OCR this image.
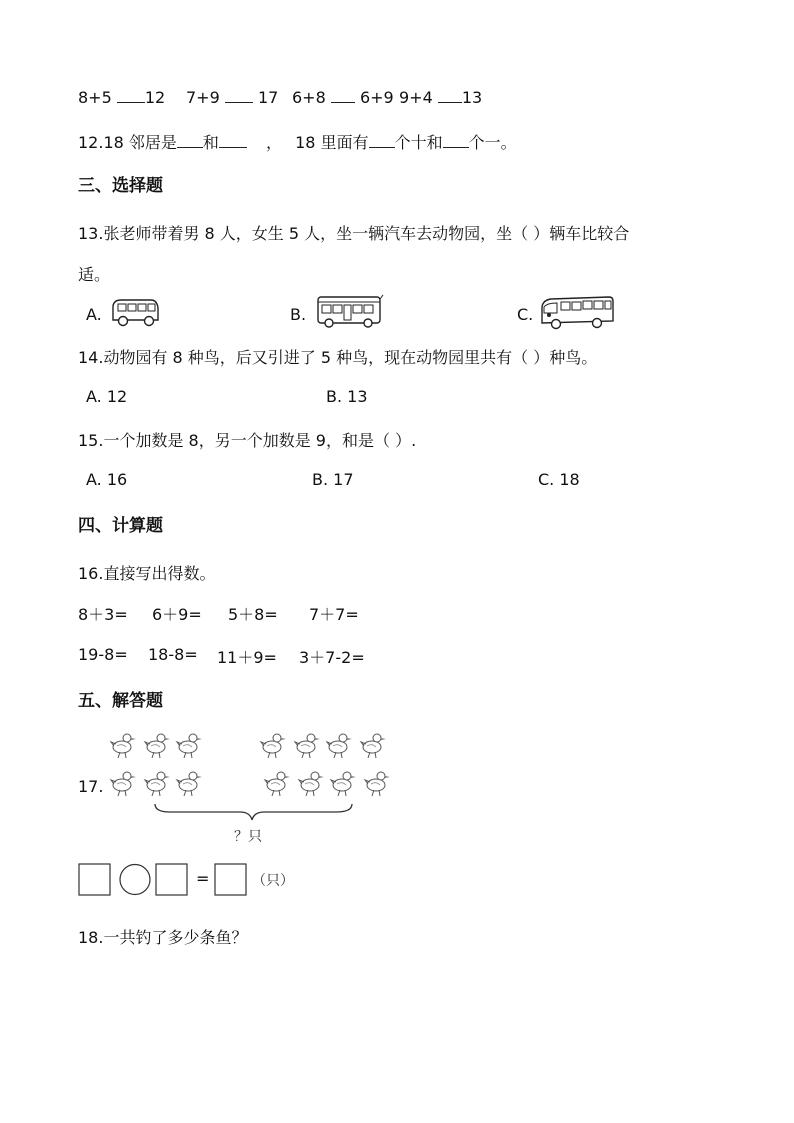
8+5 12 7+9 17 6+8 6+9 9+4 13
12.18 邻居是 和	， 18 里面有 个十和 个一。
三、选择题
13.张老师带着男 8 人，女生 5 人，坐一辆汽车去动物园，坐（ ）辆车比较合
适。
A.	B.	C.
14.动物园有 8 种鸟，后又引进了 5 种鸟，现在动物园里共有（ ）种鸟。
A. 12	B. 13
15.一个加数是 8，另一个加数是 9，和是（ ）.
A. 16	B. 17	C. 18
四、计算题
16.直接写出得数。
8＋3= 6＋9= 5＋8= 7＋7=
19-8= 18-8= 11＋9= 3＋7-2=
五、解答题
17.
？只
=	（只）
18.一共钓了多少条鱼？
